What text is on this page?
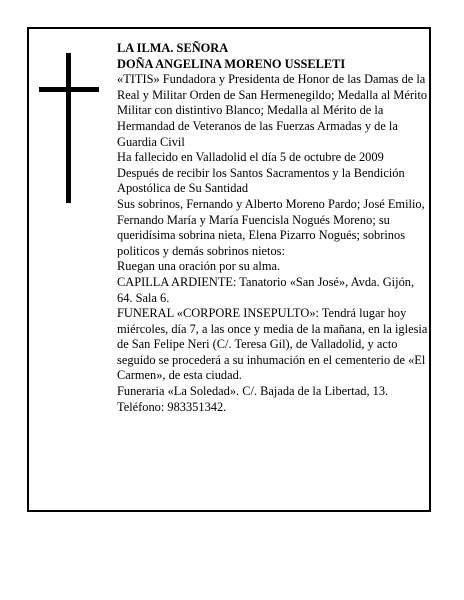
LA ILMA. SEÑORA

DOÑA ANGELINA MORENO USSELETI

«TITIS» Fundadora y Presidenta de Honor de las Damas de la Real y Militar Orden de San Hermenegildo; Medalla al Mérito Militar con distintivo Blanco; Medalla al Mérito de la Hermandad de Veteranos de las Fuerzas Armadas y de la Guardia Civil

Ha fallecido en Valladolid el día 5 de octubre de 2009

Después de recibir los Santos Sacramentos y la Bendición Apostólica de Su Santidad

Sus sobrinos, Fernando y Alberto Moreno Pardo; José Emilio, Fernando María y María Fuencisla Nogués Moreno; su queridísima sobrina nieta, Elena Pizarro Nogués; sobrinos politicos y demás sobrinos nietos:

Ruegan una oración por su alma.

CAPILLA ARDIENTE: Tanatorio «San José», Avda. Gijón, 64. Sala 6.

FUNERAL «CORPORE INSEPULTO»: Tendrá lugar hoy miércoles, día 7, a las once y media de la mañana, en la iglesia de San Felipe Neri (C/. Teresa Gil), de Valladolid, y acto seguido se procederá a su inhumación en el cementerio de «El Carmen», de esta ciudad.

Funeraria «La Soledad». C/. Bajada de la Libertad, 13. Teléfono: 983351342.
